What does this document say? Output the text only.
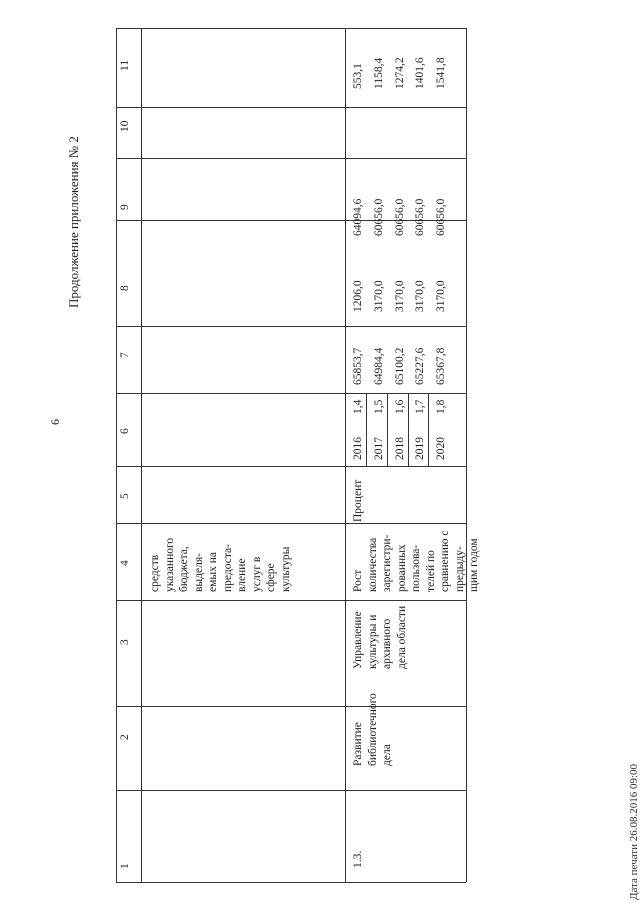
6
Продолжение приложения № 2
Дата печати 26.08.2016 09:00
1
2
3
4
5
6
7
8
9
10
11
средств указанного бюджета, выделя- емых на предоста- вление услуг в сфере культуры
1.3.
Развитие библиотечного дела
Управление культуры и архивного дела области
Рост количества зарегистри- рованных пользова- телей по сравнению с предыду- щим годом
Процент
2016 2017 2018 2019 2020
1,4 1,5 1,6 1,7 1,8
65853,7 64984,4 65100,2 65227,6 65367,8
1206,0 3170,0 3170,0 3170,0 3170,0
64094,6 60656,0 60656,0 60656,0 60656,0
553,1 1158,4 1274,2 1401,6 1541,8
